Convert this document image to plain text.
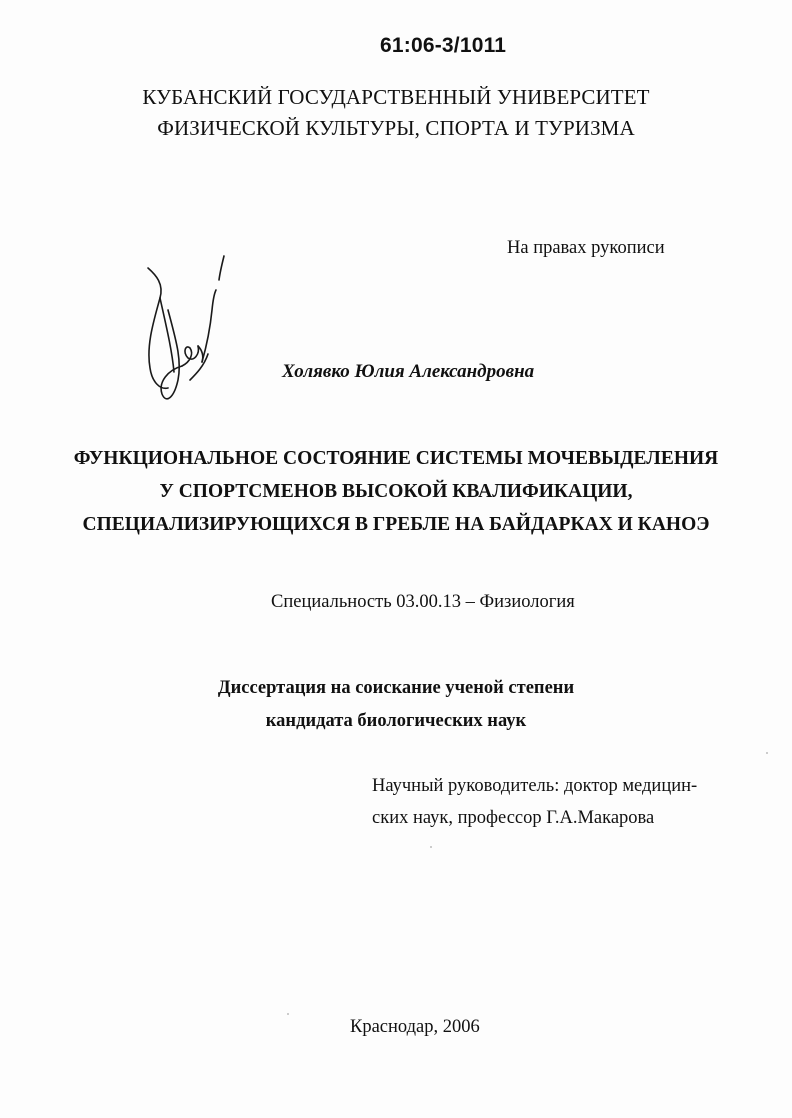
61:06-3/1011
КУБАНСКИЙ ГОСУДАРСТВЕННЫЙ УНИВЕРСИТЕТ
ФИЗИЧЕСКОЙ КУЛЬТУРЫ, СПОРТА И ТУРИЗМА
На правах рукописи
Холявко Юлия Александровна
ФУНКЦИОНАЛЬНОЕ СОСТОЯНИЕ СИСТЕМЫ МОЧЕВЫДЕЛЕНИЯ
У СПОРТСМЕНОВ ВЫСОКОЙ КВАЛИФИКАЦИИ,
СПЕЦИАЛИЗИРУЮЩИХСЯ В ГРЕБЛЕ НА БАЙДАРКАХ И КАНОЭ
Специальность 03.00.13 – Физиология
Диссертация на соискание ученой степени
кандидата биологических наук
Научный руководитель: доктор медицин-
ских наук, профессор Г.А.Макарова
Краснодар, 2006
